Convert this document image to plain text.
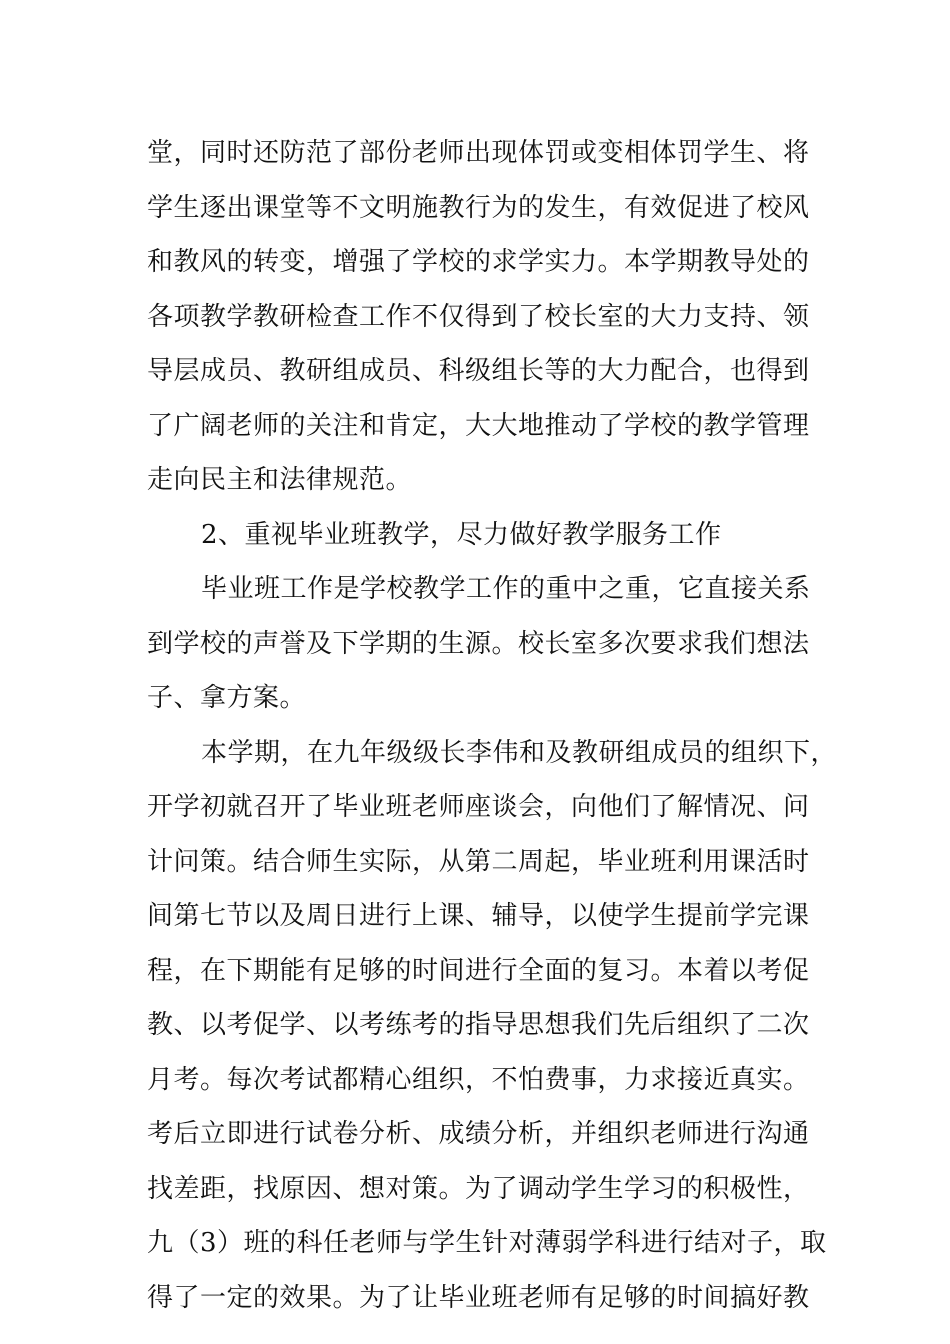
堂，同时还防范了部份老师出现体罚或变相体罚学生、将
学生逐出课堂等不文明施教行为的发生，有效促进了校风
和教风的转变，增强了学校的求学实力。本学期教导处的
各项教学教研检查工作不仅得到了校长室的大力支持、领
导层成员、教研组成员、科级组长等的大力配合，也得到
了广阔老师的关注和肯定，大大地推动了学校的教学管理
走向民主和法律规范。
2、重视毕业班教学，尽力做好教学服务工作
毕业班工作是学校教学工作的重中之重，它直接关系
到学校的声誉及下学期的生源。校长室多次要求我们想法
子、拿方案。
本学期，在九年级级长李伟和及教研组成员的组织下，
开学初就召开了毕业班老师座谈会，向他们了解情况、问
计问策。结合师生实际，从第二周起，毕业班利用课活时
间第七节以及周日进行上课、辅导，以使学生提前学完课
程，在下期能有足够的时间进行全面的复习。本着以考促
教、以考促学、以考练考的指导思想我们先后组织了二次
月考。每次考试都精心组织，不怕费事，力求接近真实。
考后立即进行试卷分析、成绩分析，并组织老师进行沟通
找差距，找原因、想对策。为了调动学生学习的积极性，
九（3）班的科任老师与学生针对薄弱学科进行结对子，取
得了一定的效果。为了让毕业班老师有足够的时间搞好教
